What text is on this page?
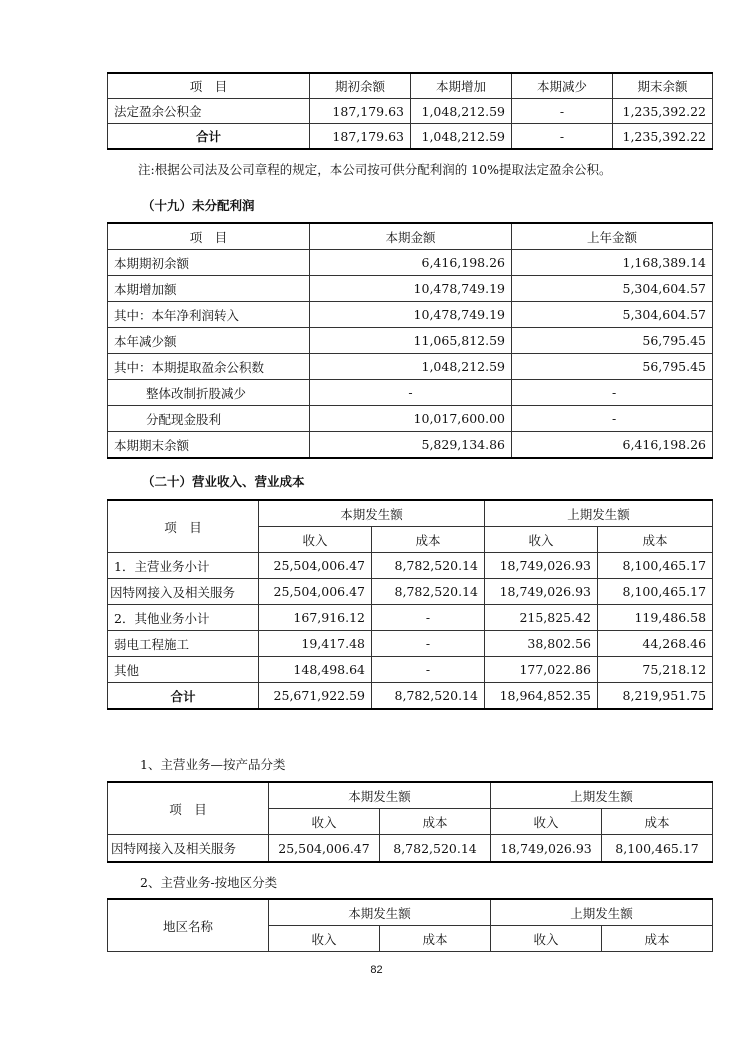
项　目	期初余额	本期增加	本期减少	期末余额
法定盈余公积金	187,179.63	1,048,212.59	-	1,235,392.22
合计	187,179.63	1,048,212.59	-	1,235,392.22
注:根据公司法及公司章程的规定，本公司按可供分配利润的 10%提取法定盈余公积。
（十九）未分配利润
项　目	本期金额	上年金额
本期期初余额	6,416,198.26	1,168,389.14
本期增加额	10,478,749.19	5,304,604.57
其中：本年净利润转入	10,478,749.19	5,304,604.57
本年减少额	11,065,812.59	56,795.45
其中：本期提取盈余公积数	1,048,212.59	56,795.45
整体改制折股减少	-	-
分配现金股利	10,017,600.00	-
本期期末余额	5,829,134.86	6,416,198.26
（二十）营业收入、营业成本
项　目	本期发生额		上期发生额	
	收入	成本	收入	成本
1．主营业务小计	25,504,006.47	8,782,520.14	18,749,026.93	8,100,465.17
因特网接入及相关服务	25,504,006.47	8,782,520.14	18,749,026.93	8,100,465.17
2．其他业务小计	167,916.12	-	215,825.42	119,486.58
弱电工程施工	19,417.48	-	38,802.56	44,268.46
其他	148,498.64	-	177,022.86	75,218.12
合计	25,671,922.59	8,782,520.14	18,964,852.35	8,219,951.75
1、主营业务—按产品分类
项　目	本期发生额		上期发生额	
	收入	成本	收入	成本
因特网接入及相关服务	25,504,006.47	8,782,520.14	18,749,026.93	8,100,465.17
2、主营业务-按地区分类
地区名称	本期发生额		上期发生额	
	收入	成本	收入	成本
82
